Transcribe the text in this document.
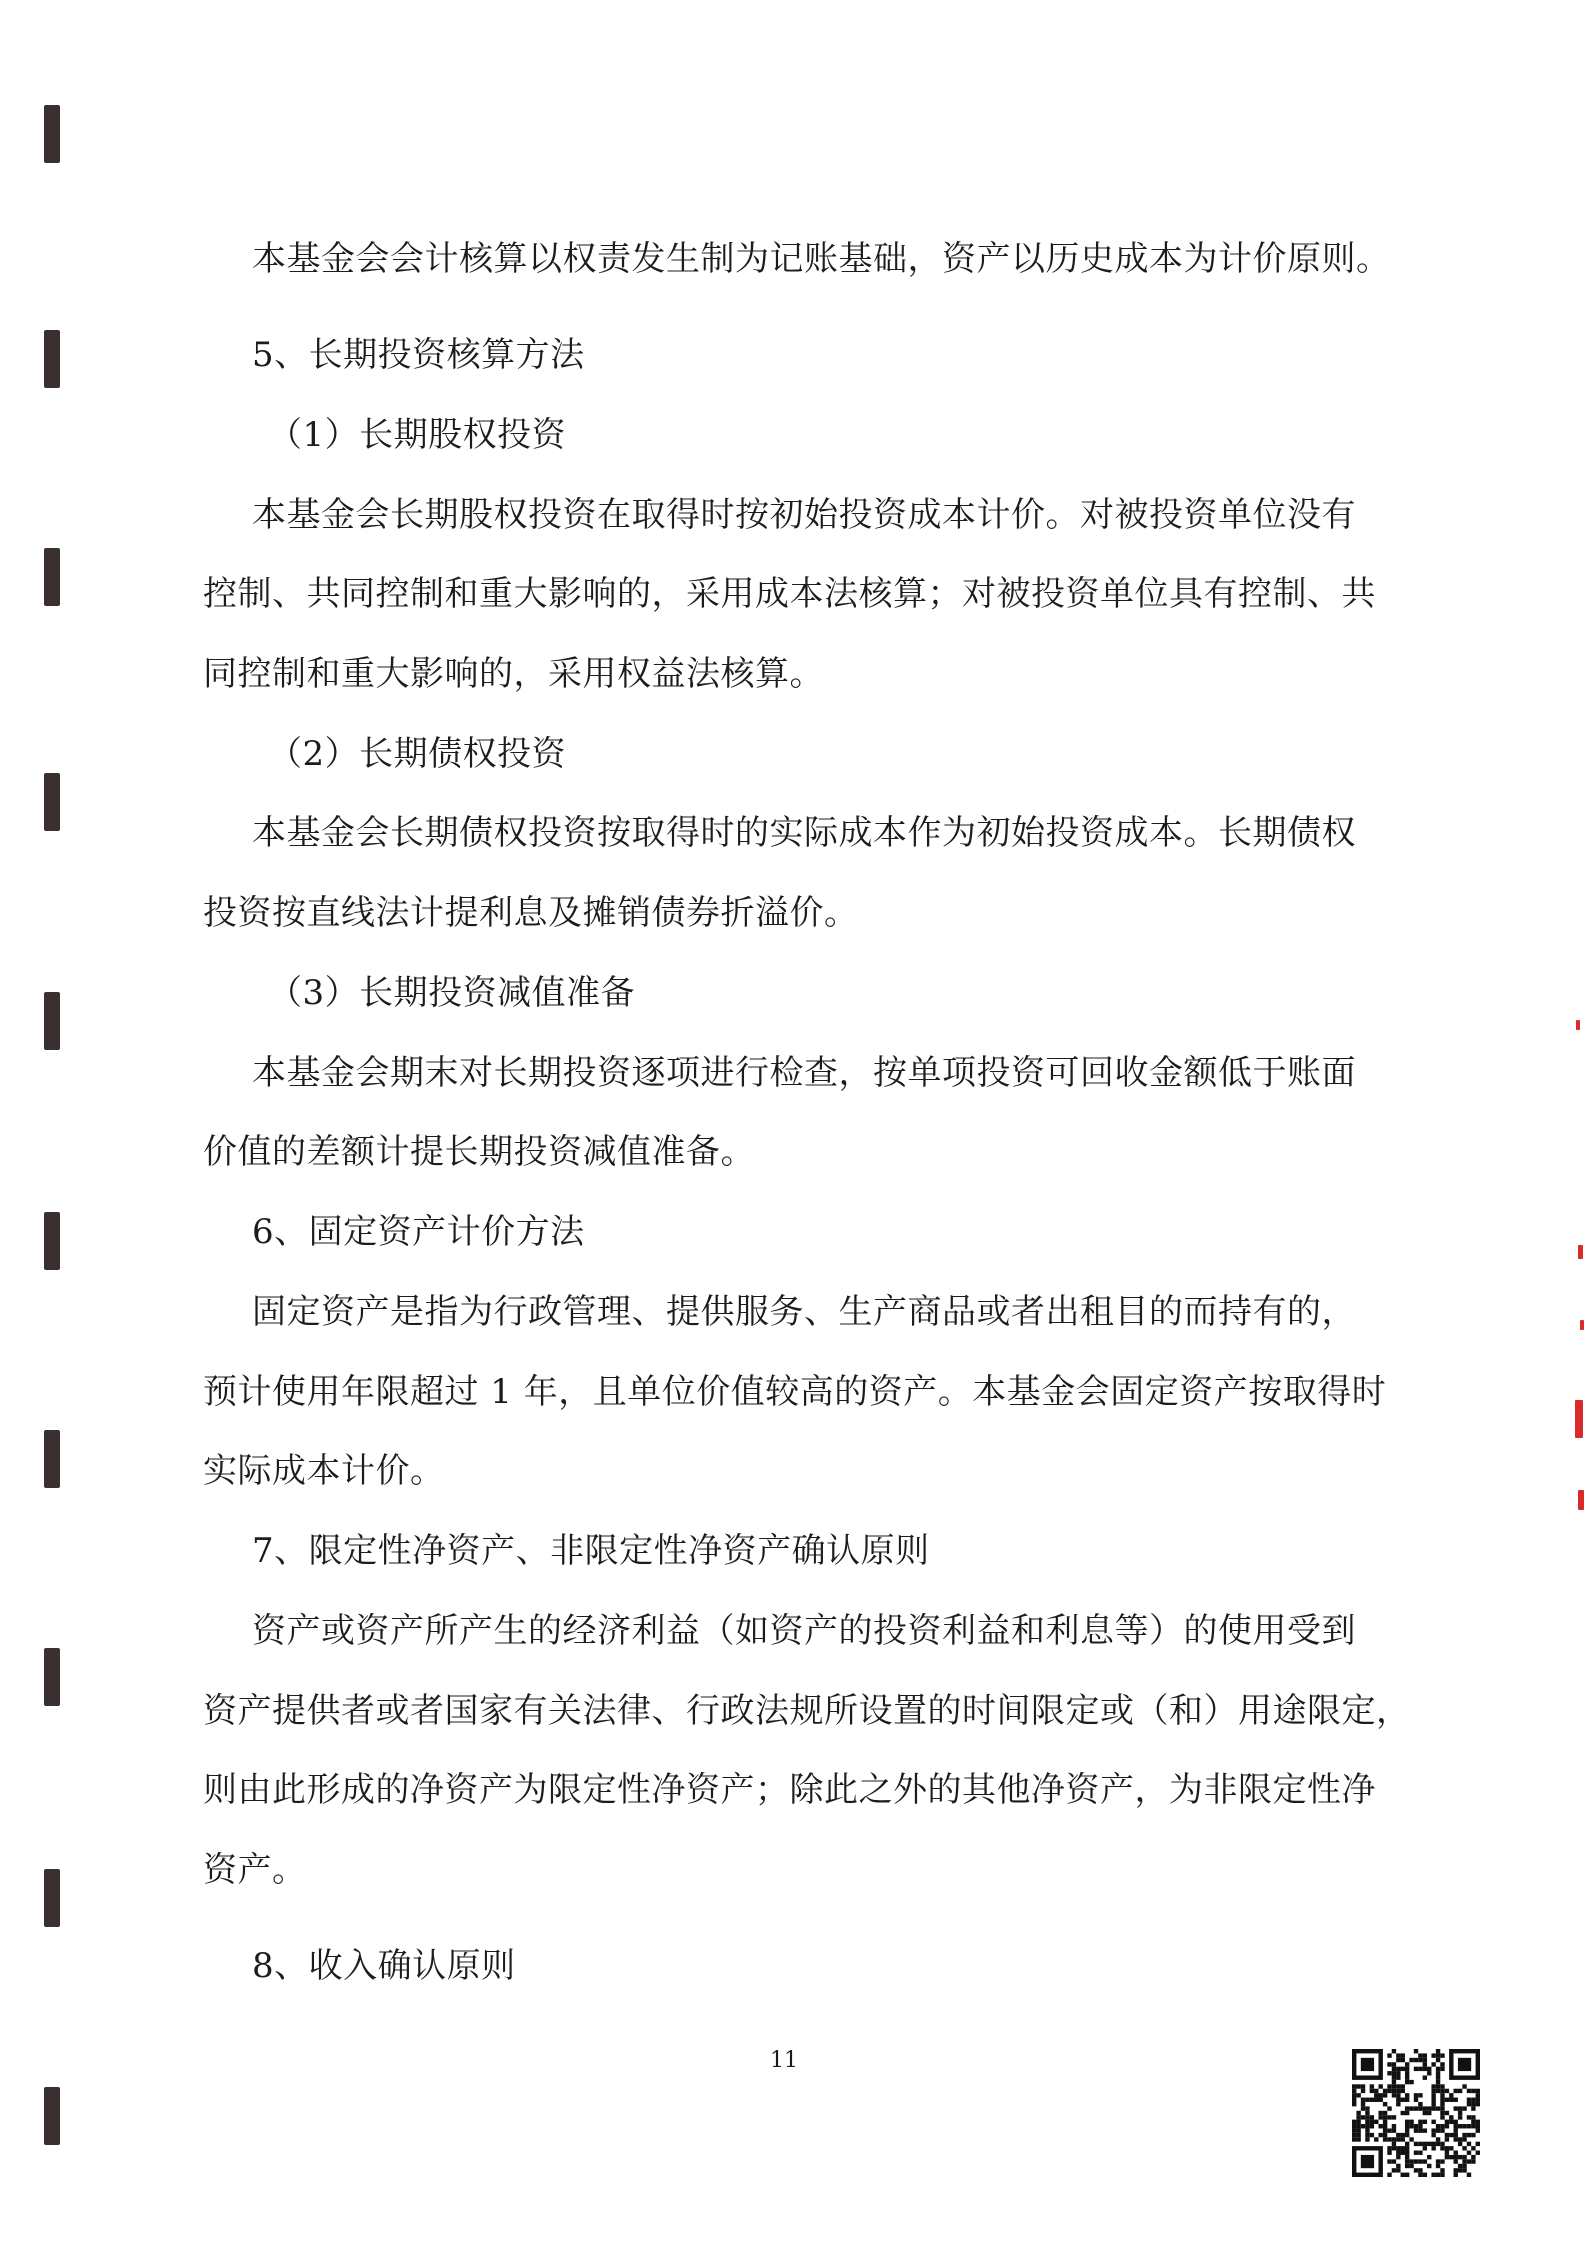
本基金会会计核算以权责发生制为记账基础，资产以历史成本为计价原则。
5、长期投资核算方法
（1）长期股权投资
本基金会长期股权投资在取得时按初始投资成本计价。对被投资单位没有
控制、共同控制和重大影响的，采用成本法核算；对被投资单位具有控制、共
同控制和重大影响的，采用权益法核算。
（2）长期债权投资
本基金会长期债权投资按取得时的实际成本作为初始投资成本。长期债权
投资按直线法计提利息及摊销债券折溢价。
（3）长期投资减值准备
本基金会期末对长期投资逐项进行检查，按单项投资可回收金额低于账面
价值的差额计提长期投资减值准备。
6、固定资产计价方法
固定资产是指为行政管理、提供服务、生产商品或者出租目的而持有的，
预计使用年限超过 1 年，且单位价值较高的资产。本基金会固定资产按取得时
实际成本计价。
7、限定性净资产、非限定性净资产确认原则
资产或资产所产生的经济利益（如资产的投资利益和利息等）的使用受到
资产提供者或者国家有关法律、行政法规所设置的时间限定或（和）用途限定，
则由此形成的净资产为限定性净资产；除此之外的其他净资产，为非限定性净
资产。
8、收入确认原则
11
